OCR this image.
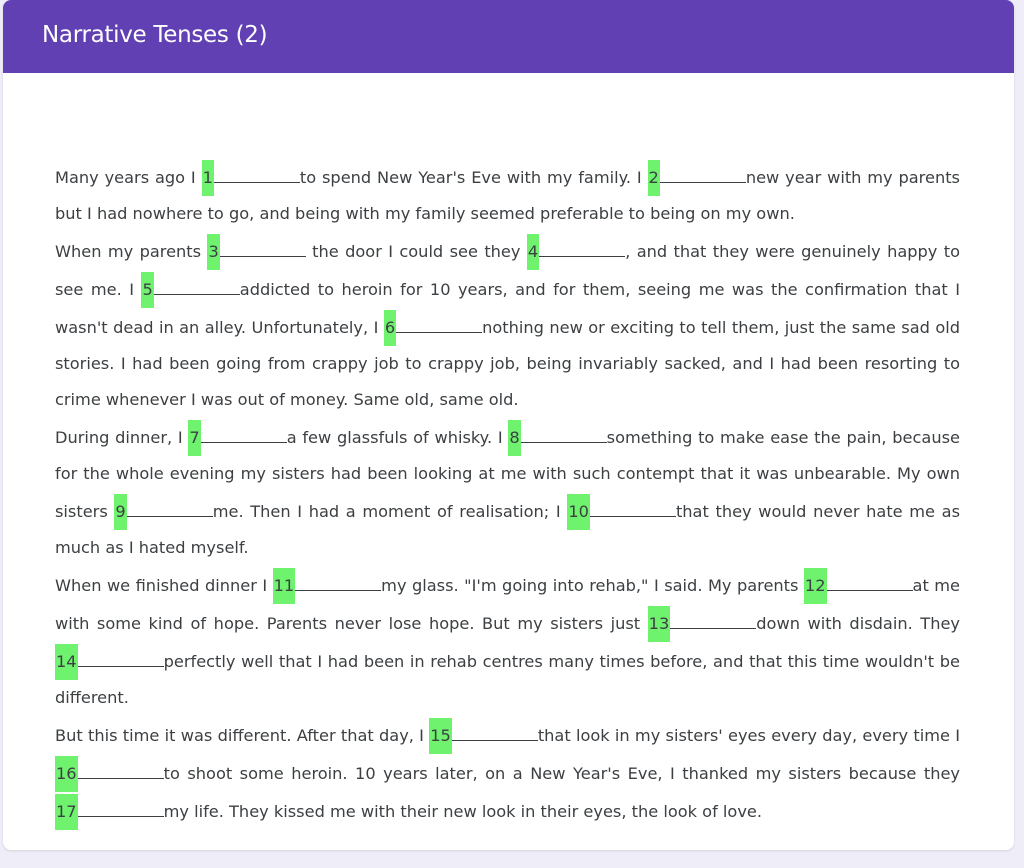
Narrative Tenses (2)

Many years ago I 1	to spend New Year's Eve with my family. I 2	new year with my parents but I had nowhere to go, and being with my family seemed preferable to being on my own.

When my parents 3	the door I could see they 4	, and that they were genuinely happy to see me. I 5	addicted to heroin for 10 years, and for them, seeing me was the confirmation that I wasn't dead in an alley. Unfortunately, I 6	nothing new or exciting to tell them, just the same sad old stories. I had been going from crappy job to crappy job, being invariably sacked, and I had been resorting to crime whenever I was out of money. Same old, same old.

During dinner, I 7	a few glassfuls of whisky. I 8	something to make ease the pain, because for the whole evening my sisters had been looking at me with such contempt that it was unbearable. My own sisters 9	me. Then I had a moment of realisation; I 10	that they would never hate me as much as I hated myself.

When we finished dinner I 11	my glass. "I'm going into rehab," I said. My parents 12	at me with some kind of hope. Parents never lose hope. But my sisters just 13	down with disdain. They 14	perfectly well that I had been in rehab centres many times before, and that this time wouldn't be different.

But this time it was different. After that day, I 15	that look in my sisters' eyes every day, every time I 16	to shoot some heroin. 10 years later, on a New Year's Eve, I thanked my sisters because they 17	my life. They kissed me with their new look in their eyes, the look of love.
